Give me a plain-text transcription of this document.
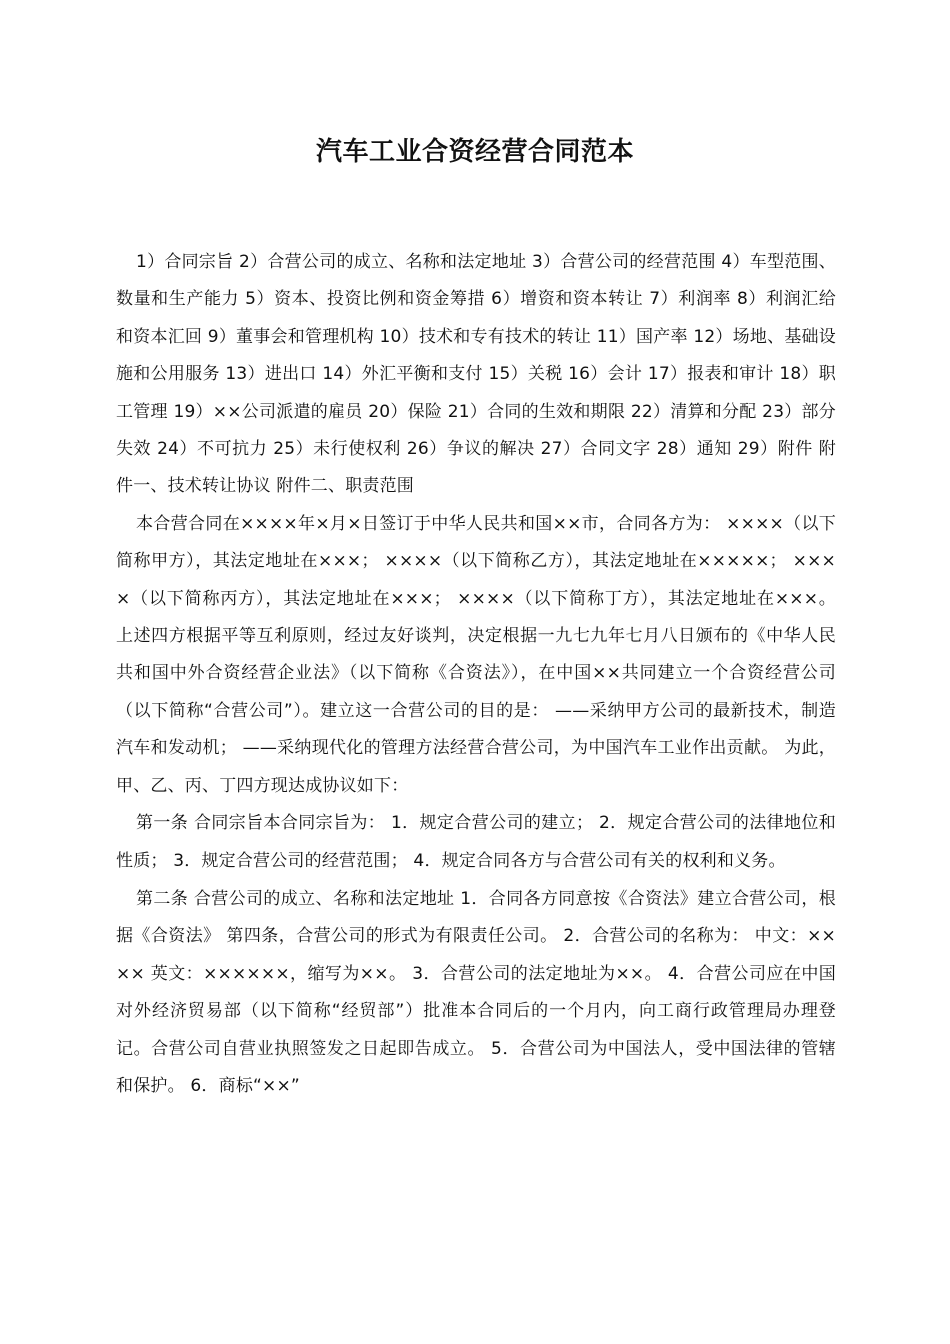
汽车工业合资经营合同范本

1）合同宗旨 2）合营公司的成立、名称和法定地址 3）合营公司的经营范围 4）车型范围、数量和生产能力 5）资本、投资比例和资金筹措 6）增资和资本转让 7）利润率 8）利润汇给和资本汇回 9）董事会和管理机构 10）技术和专有技术的转让 11）国产率 12）场地、基础设施和公用服务 13）进出口 14）外汇平衡和支付 15）关税 16）会计 17）报表和审计 18）职工管理 19）××公司派遣的雇员 20）保险 21）合同的生效和期限 22）清算和分配 23）部分失效 24）不可抗力 25）未行使权利 26）争议的解决 27）合同文字 28）通知 29）附件 附件一、技术转让协议 附件二、职责范围

本合营合同在××××年×月×日签订于中华人民共和国××市，合同各方为： ××××（以下简称甲方），其法定地址在×××； ××××（以下简称乙方），其法定地址在×××××； ××××（以下简称丙方），其法定地址在×××； ××××（以下简称丁方），其法定地址在×××。 上述四方根据平等互利原则，经过友好谈判，决定根据一九七九年七月八日颁布的《中华人民共和国中外合资经营企业法》（以下简称《合资法》），在中国××共同建立一个合资经营公司（以下简称“合营公司”）。建立这一合营公司的目的是： ——采纳甲方公司的最新技术，制造汽车和发动机； ——采纳现代化的管理方法经营合营公司，为中国汽车工业作出贡献。 为此，甲、乙、丙、丁四方现达成协议如下：

第一条 合同宗旨本合同宗旨为： 1．规定合营公司的建立； 2．规定合营公司的法律地位和性质； 3．规定合营公司的经营范围； 4．规定合同各方与合营公司有关的权利和义务。

第二条 合营公司的成立、名称和法定地址 1．合同各方同意按《合资法》建立合营公司，根据《合资法》 第四条，合营公司的形式为有限责任公司。 2．合营公司的名称为： 中文：×××× 英文：××××××，缩写为××。 3．合营公司的法定地址为××。 4．合营公司应在中国对外经济贸易部（以下简称“经贸部”）批准本合同后的一个月内，向工商行政管理局办理登记。合营公司自营业执照签发之日起即告成立。 5．合营公司为中国法人，受中国法律的管辖和保护。 6．商标“××”
